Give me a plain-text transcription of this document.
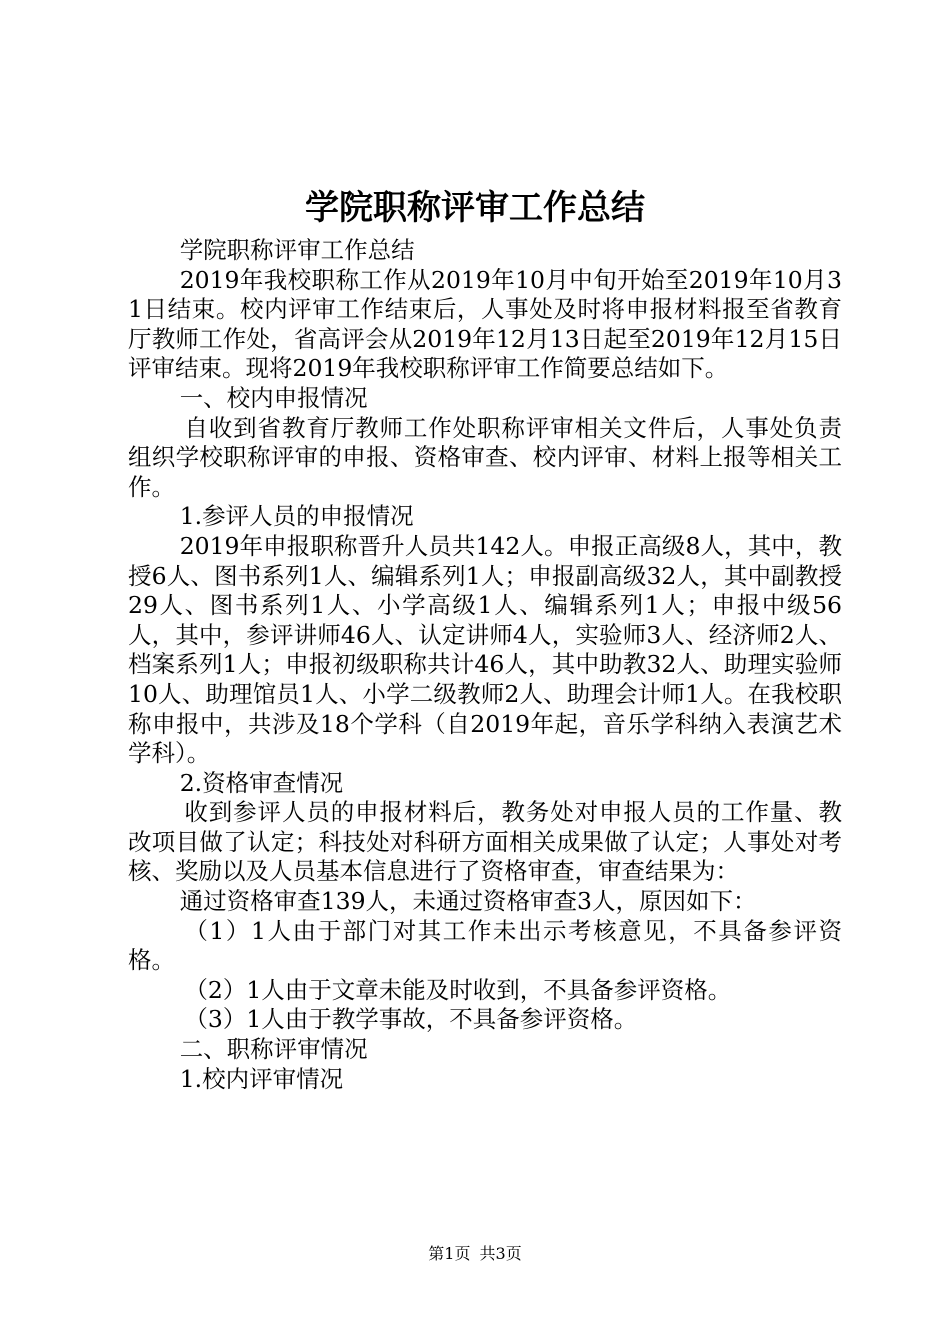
学院职称评审工作总结

学院职称评审工作总结

2019年我校职称工作从2019年10月中旬开始至2019年10月31日结束。校内评审工作结束后，人事处及时将申报材料报至省教育厅教师工作处，省高评会从2019年12月13日起至2019年12月15日评审结束。现将2019年我校职称评审工作简要总结如下。

一、校内申报情况

自收到省教育厅教师工作处职称评审相关文件后，人事处负责组织学校职称评审的申报、资格审查、校内评审、材料上报等相关工作。

1.参评人员的申报情况

2019年申报职称晋升人员共142人。申报正高级8人，其中，教授6人、图书系列1人、编辑系列1人；申报副高级32人，其中副教授29人、图书系列1人、小学高级1人、编辑系列1人；申报中级56人，其中，参评讲师46人、认定讲师4人，实验师3人、经济师2人、档案系列1人；申报初级职称共计46人，其中助教32人、助理实验师10人、助理馆员1人、小学二级教师2人、助理会计师1人。在我校职称申报中，共涉及18个学科（自2019年起，音乐学科纳入表演艺术学科）。

2.资格审查情况

收到参评人员的申报材料后，教务处对申报人员的工作量、教改项目做了认定；科技处对科研方面相关成果做了认定；人事处对考核、奖励以及人员基本信息进行了资格审查，审查结果为：

通过资格审查139人，未通过资格审查3人，原因如下：

（1）1人由于部门对其工作未出示考核意见，不具备参评资格。

（2）1人由于文章未能及时收到，不具备参评资格。

（3）1人由于教学事故，不具备参评资格。

二、职称评审情况

1.校内评审情况

第1页 共3页
